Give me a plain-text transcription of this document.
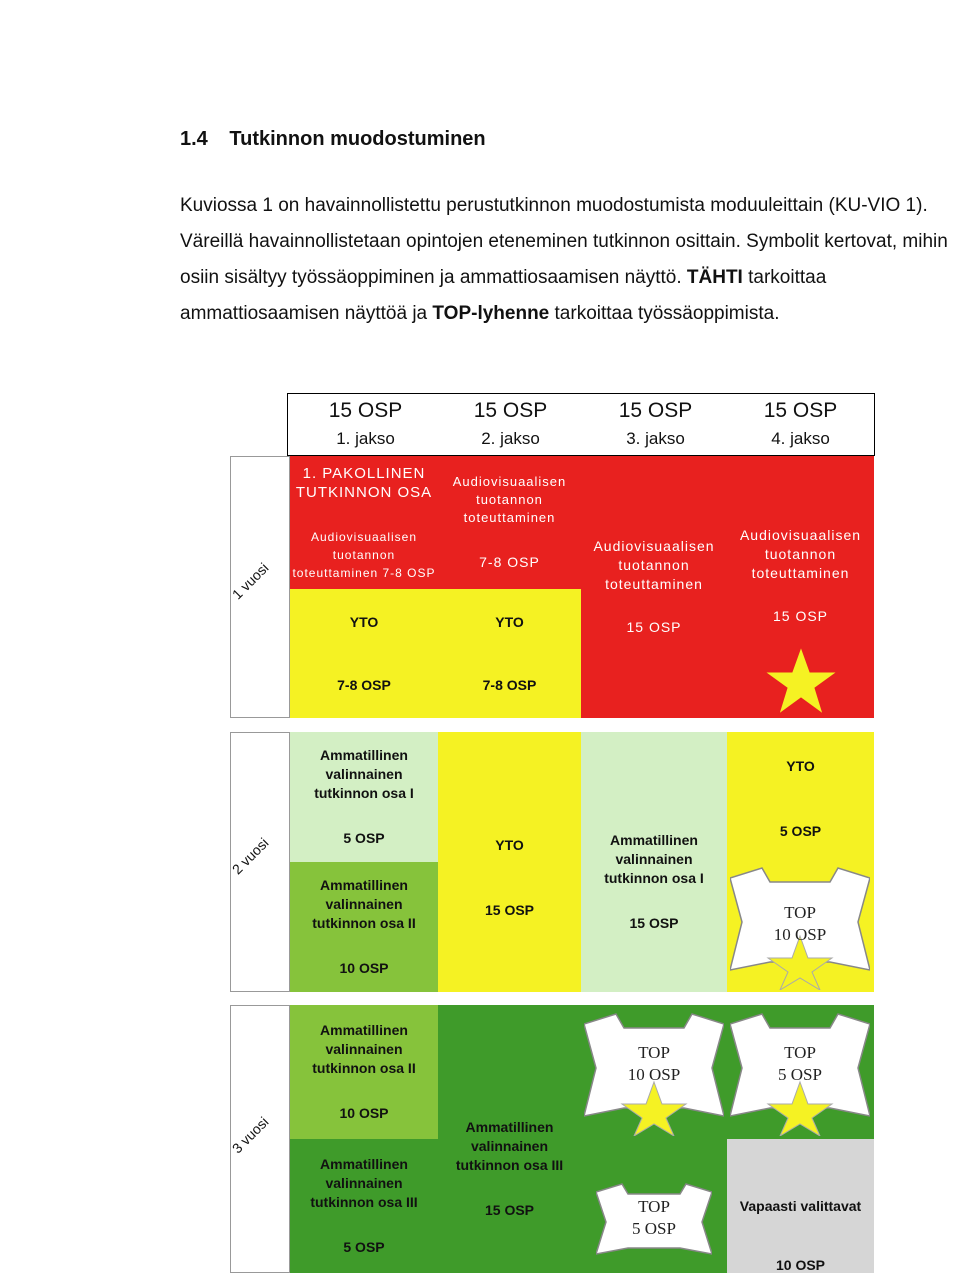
1.4 Tutkinnon muodostuminen
Kuviossa 1 on havainnollistettu perustutkinnon muodostumista moduuleittain (KU-VIO 1). Väreillä havainnollistetaan opintojen eteneminen tutkinnon osittain. Symbolit kertovat, mihin osiin sisältyy työssäoppiminen ja ammattiosaamisen näyttö. TÄHTI tarkoittaa ammattiosaamisen näyttöä ja TOP-lyhenne tarkoittaa työssäoppimista.
15 OSP
1. jakso
15 OSP
2. jakso
15 OSP
3. jakso
15 OSP
4. jakso
1 vuosi
2 vuosi
3 vuosi
1. PAKOLLINEN
TUTKINNON OSA
Audiovisuaalisen
tuotannon
toteuttaminen 7-8 OSP
Audiovisuaalisen
tuotannon
toteuttaminen
7-8 OSP
Audiovisuaalisen
tuotannon
toteuttaminen
15 OSP
Audiovisuaalisen
tuotannon
toteuttaminen
15 OSP
YTO
7-8 OSP
YTO
7-8 OSP
Ammatillinen
valinnainen
tutkinnon osa I
5 OSP
Ammatillinen
valinnainen
tutkinnon osa II
10 OSP
YTO
15 OSP
Ammatillinen
valinnainen
tutkinnon osa I
15 OSP
YTO
5 OSP
TOP
10 OSP
Ammatillinen
valinnainen
tutkinnon osa II
10 OSP
Ammatillinen
valinnainen
tutkinnon osa III
5 OSP
Ammatillinen
valinnainen
tutkinnon osa III
15 OSP	Vapaasti valittavat
10 OSP
TOP
10 OSP
TOP
5 OSP
TOP
5 OSP
